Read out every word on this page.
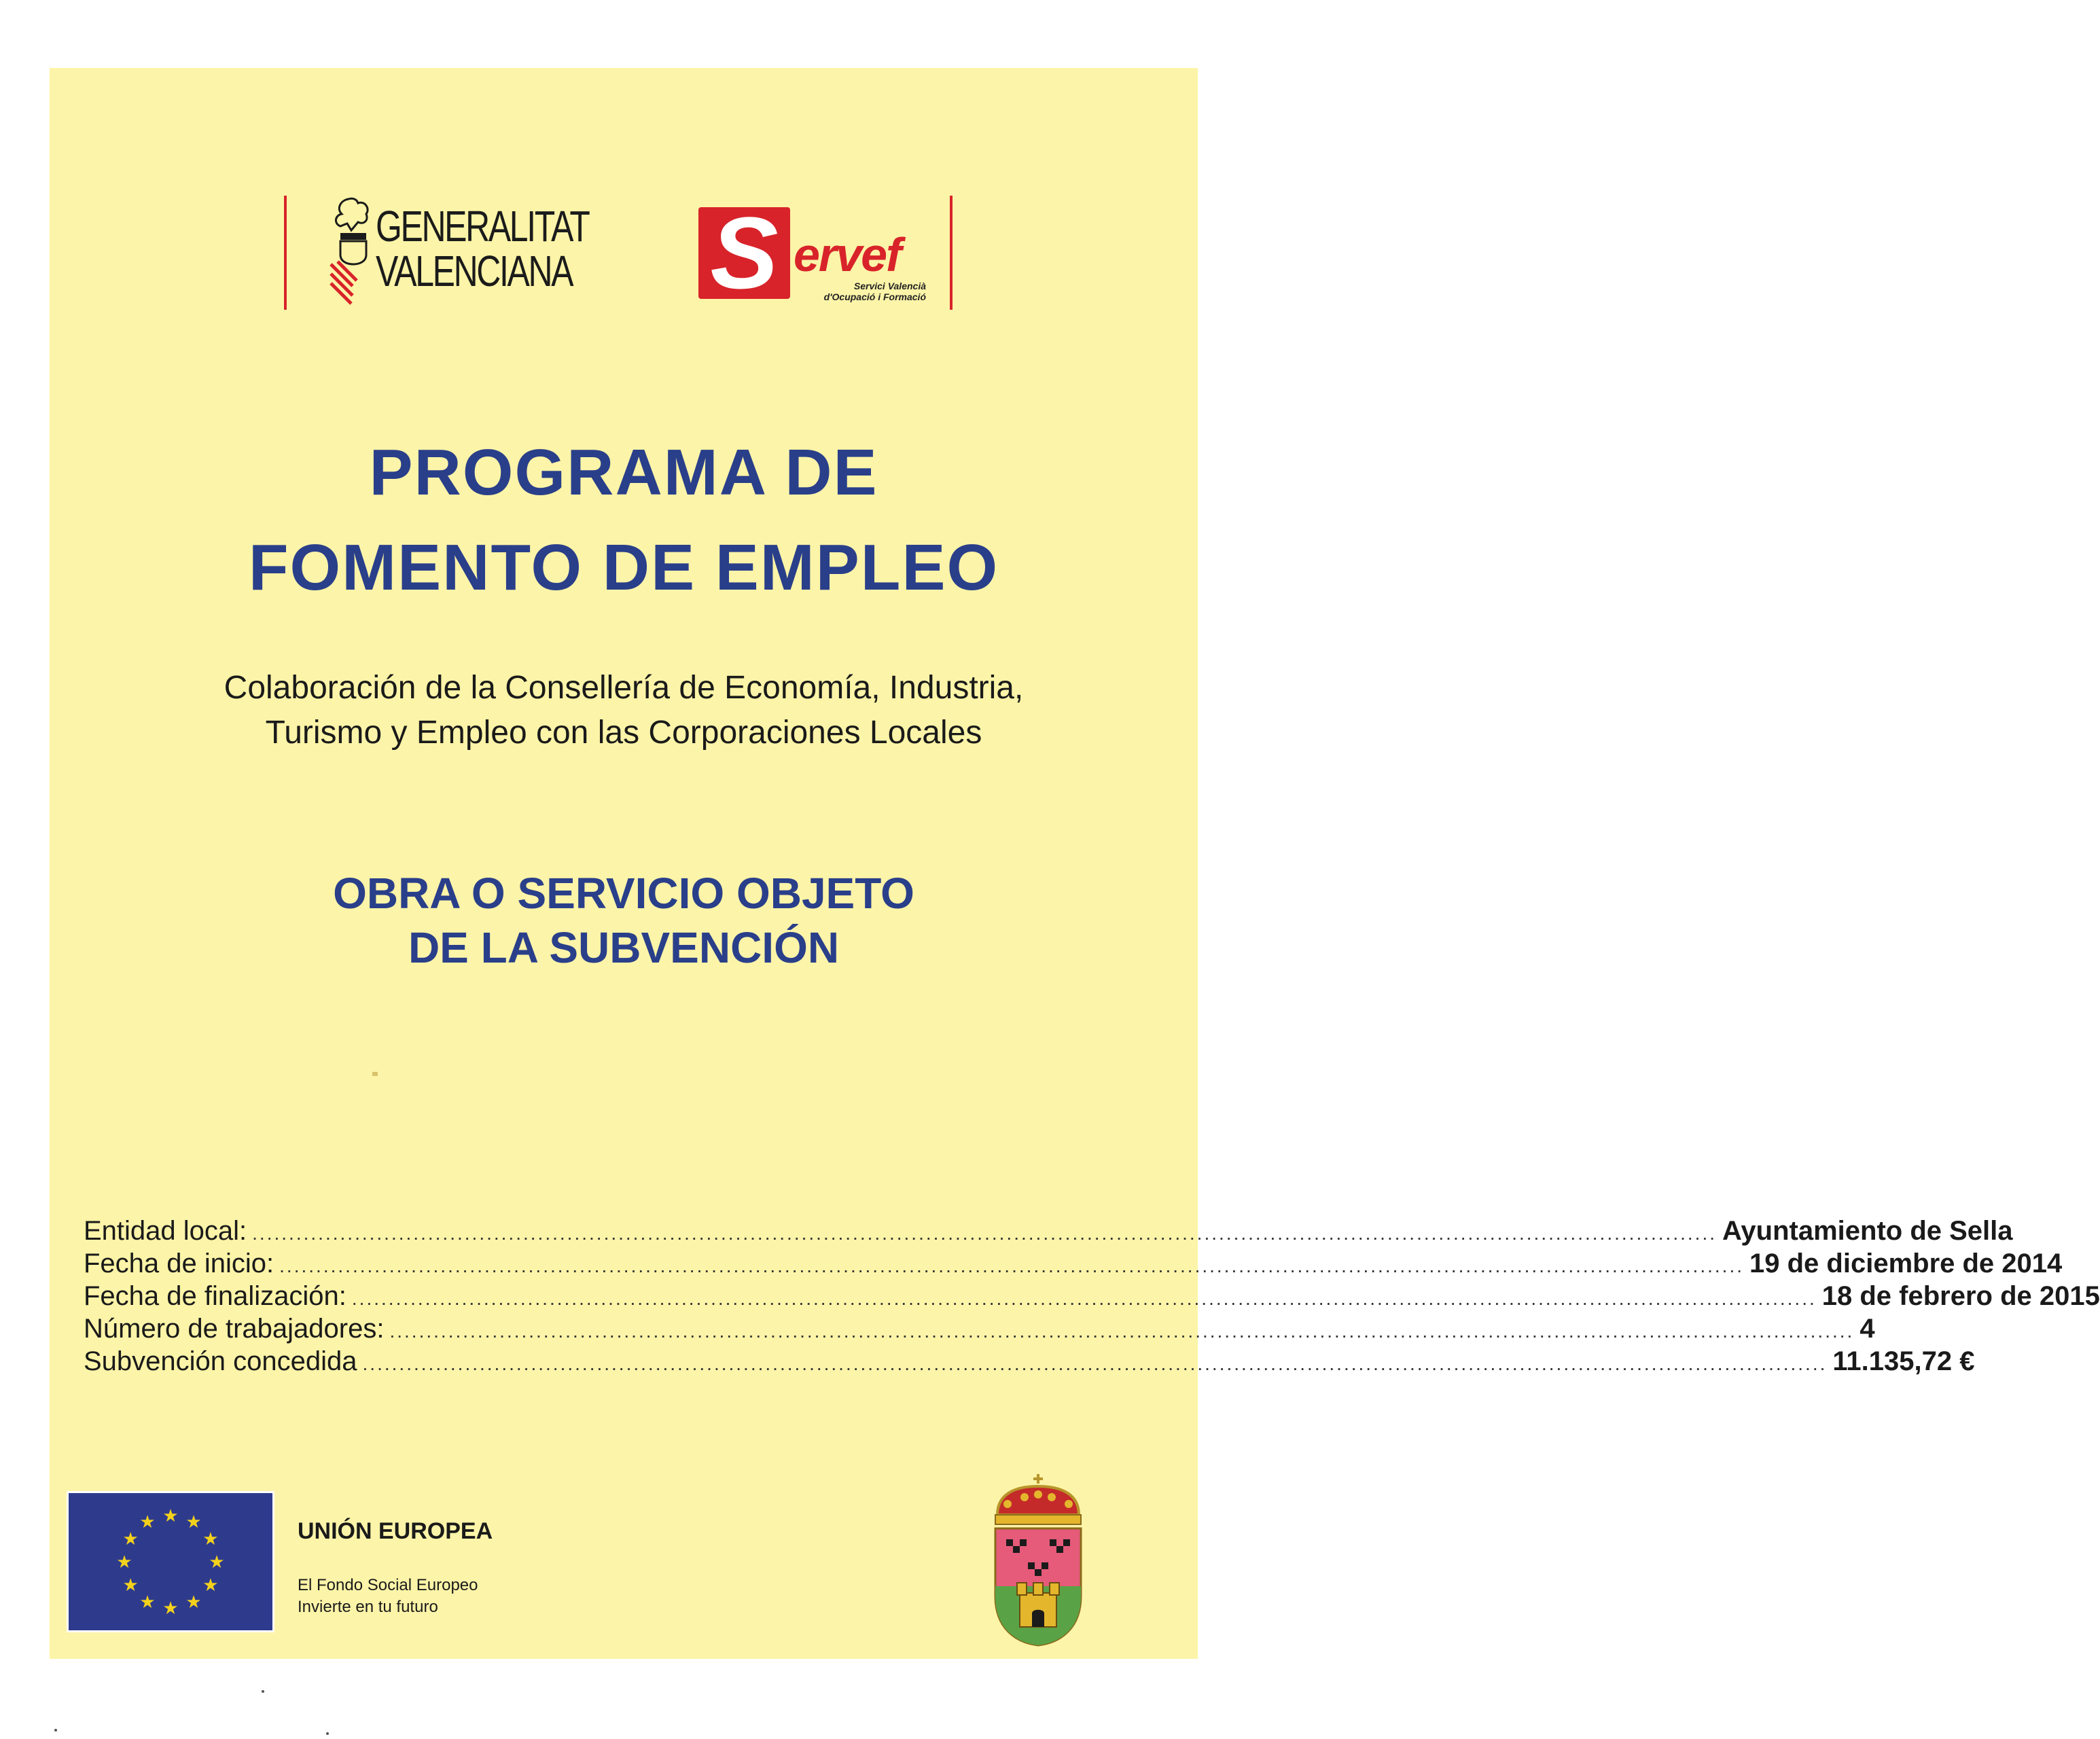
GENERALITAT
VALENCIANA S ervef
Servici Valencià
d'Ocupació i Formació
PROGRAMA DE
FOMENTO DE EMPLEO
Colaboración de la Consellería de Economía, Industria,
Turismo y Empleo con las Corporaciones Locales
OBRA O SERVICIO OBJETO
DE LA SUBVENCIÓN
Entidad local: ........................................................................................................................................................................................................ Ayuntamiento de Sella
Fecha de inicio: ........................................................................................................................................................................................................ 19 de diciembre de 2014
Fecha de finalización: ........................................................................................................................................................................................................ 18 de febrero de 2015
Número de trabajadores: ........................................................................................................................................................................................................ 4
Subvención concedida ........................................................................................................................................................................................................ 11.135,72 €
★ ★
★
★
★
★
★
★
★
★
★
★	UNIÓN EUROPEA
El Fondo Social Europeo
Invierte en tu futuro
